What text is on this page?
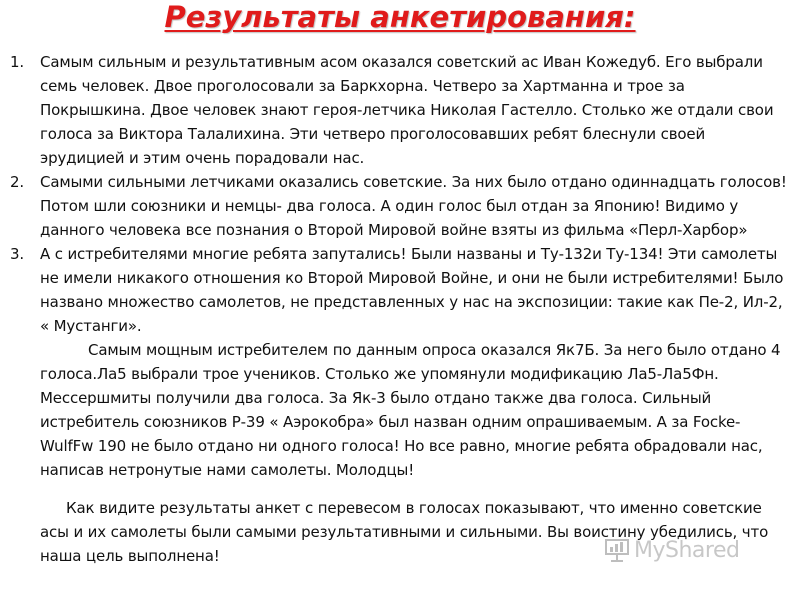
Результаты анкетирования:
1.	Самым сильным и результативным асом оказался советский ас Иван Кожедуб. Его выбрали семь человек. Двое проголосовали за Баркхорна. Четверо за Хартманна и трое за Покрышкина. Двое человек знают героя-летчика Николая Гастелло. Столько же отдали свои голоса за Виктора Талалихина. Эти четверо проголосовавших ребят блеснули своей эрудицией и этим очень порадовали нас.
2.	Самыми сильными летчиками оказались советские. За них было отдано одиннадцать голосов! Потом шли союзники и немцы- два голоса. А один голос был отдан за Японию! Видимо у данного человека все познания о Второй Мировой войне взяты из фильма «Перл-Харбор»
3.	А с истребителями многие ребята запутались! Были названы и Ту-132и Ту-134! Эти самолеты не имели никакого отношения ко Второй Мировой Войне, и они не были истребителями! Было названо множество самолетов, не представленных у нас на экспозиции: такие как Пе-2, Ил-2, « Мустанги».
Самым мощным истребителем по данным опроса оказался Як7Б. За него было отдано 4 голоса.Ла5 выбрали трое учеников. Столько же упомянули модификацию Ла5-Ла5Фн. Мессершмиты получили два голоса. За Як-3 было отдано также два голоса. Сильный истребитель союзников Р-39 « Аэрокобра» был назван одним опрашиваемым. А за Focke-WulfFw 190 не было отдано ни одного голоса! Но все равно, многие ребята обрадовали нас, написав нетронутые нами самолеты. Молодцы!
Как видите результаты анкет с перевесом в голосах показывают, что именно советские асы и их самолеты были самыми результативными и сильными. Вы воистину убедились, что наша цель выполнена!	MyShared
